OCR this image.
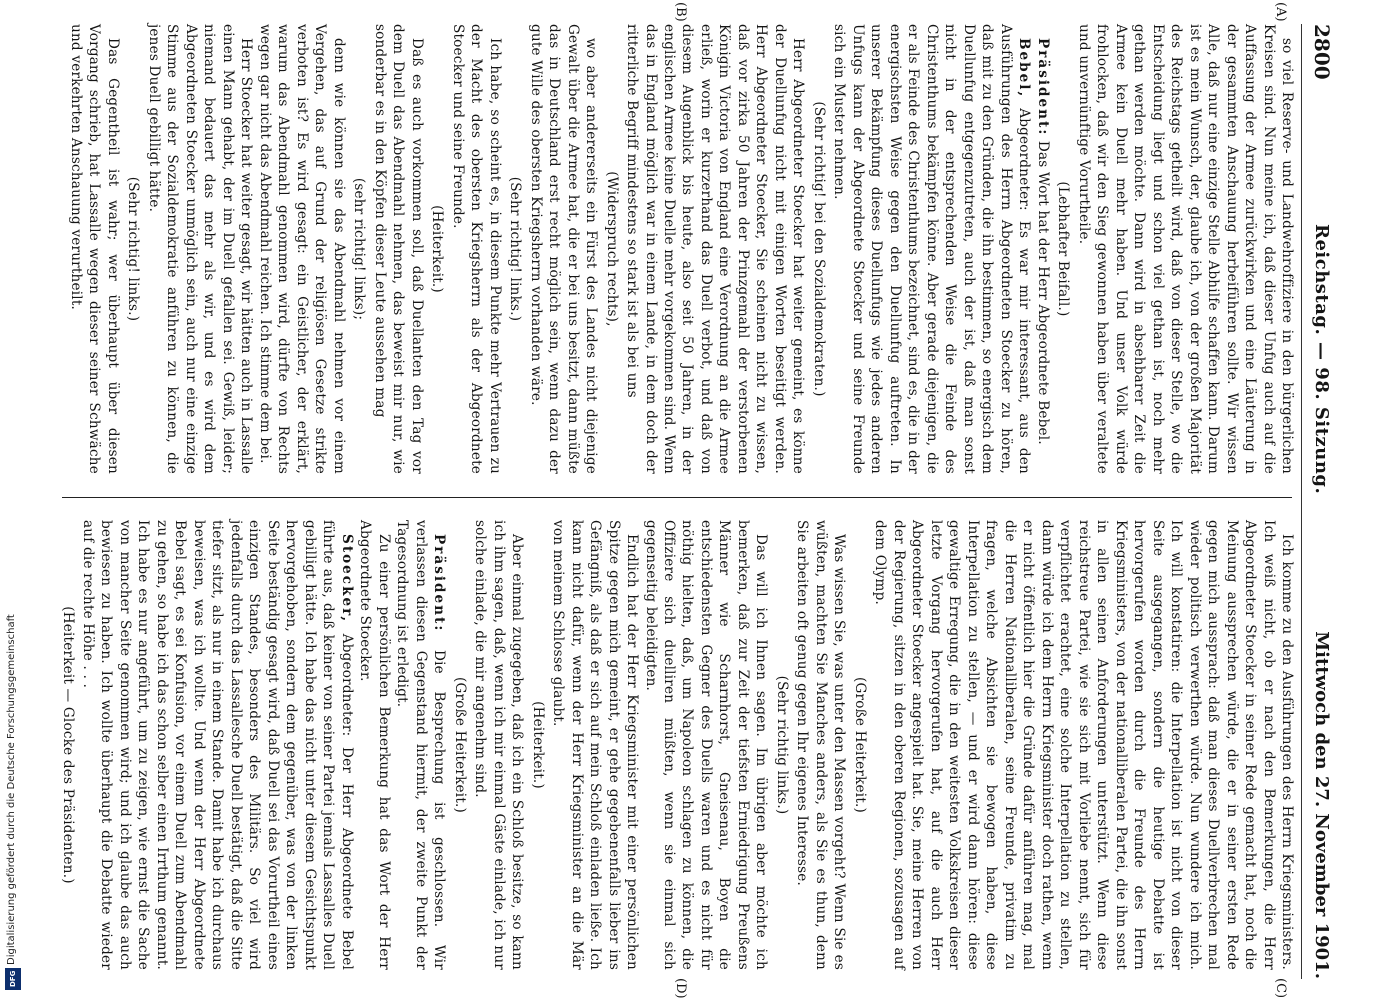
Digitalisierung gefördert durch die Deutsche Forschungsgemeinschaft
DFG
2800
Reichstag. — 98. Sitzung.
Mittwoch den 27. November 1901.
(A)
(B)
(C)
(D)

so viel Reserve- und Landwehroffiziere in den bürgerlichen Kreisen sind. Nun meine ich, daß dieser Unfug auch auf die Auffassung der Armee zurückwirken und eine Läuterung in der gesammten Anschauung herbeiführen sollte. Wir wissen Alle, daß nur eine einzige Stelle Abhilfe schaffen kann. Darum ist es mein Wunsch, der, glaube ich, von der großen Majorität des Reichstags getheilt wird, daß von dieser Stelle, wo die Entscheidung liegt und schon viel gethan ist, noch mehr gethan werden möchte. Dann wird in absehbarer Zeit die Armee kein Duell mehr haben. Und unser Volk würde frohlocken, daß wir den Sieg gewonnen haben über veraltete und unvernünftige Vorurtheile.

(Lebhafter Beifall.)

Präsident: Das Wort hat der Herr Abgeordnete Bebel.

Bebel, Abgeordneter: Es war mir interessant, aus den Ausführungen des Herrn Abgeordneten Stoecker zu hören, daß mit zu den Gründen, die ihn bestimmen, so energisch dem Duellunfug entgegenzutreten, auch der ist, daß man sonst nicht in der entsprechenden Weise die Feinde des Christenthums bekämpfen könne. Aber gerade diejenigen, die er als Feinde des Christenthums bezeichnet, sind es, die in der energischsten Weise gegen den Duellunfug auftreten. In unserer Bekämpfung dieses Duellunfugs wie jedes anderen Unfugs kann der Abgeordnete Stoecker und seine Freunde sich ein Muster nehmen.

(Sehr richtig! bei den Sozialdemokraten.)

Herr Abgeordneter Stoecker hat weiter gemeint, es könne der Duellunfug nicht mit einigen Worten beseitigt werden. Herr Abgeordneter Stoecker, Sie scheinen nicht zu wissen, daß vor zirka 50 Jahren der Prinzgemahl der verstorbenen Königin Victoria von England eine Verordnung an die Armee erließ, worin er kurzerhand das Duell verbot, und daß von diesem Augenblick bis heute, also seit 50 Jahren, in der englischen Armee keine Duelle mehr vorgekommen sind. Wenn das in England möglich war in einem Lande, in dem doch der ritterliche Begriff mindestens so stark ist als bei uns

(Widerspruch rechts),

wo aber andererseits ein Fürst des Landes nicht diejenige Gewalt über die Armee hat, die er bei uns besitzt, dann müßte das in Deutschland erst recht möglich sein, wenn dazu der gute Wille des obersten Kriegsherrn vorhanden wäre.

(Sehr richtig! links.)

Ich habe, so scheint es, in diesem Punkte mehr Vertrauen zu der Macht des obersten Kriegsherrn als der Abgeordnete Stoecker und seine Freunde.

(Heiterkeit.)

Daß es auch vorkommen soll, daß Duellanten den Tag vor dem Duell das Abendmahl nehmen, das beweist mir nur, wie sonderbar es in den Köpfen dieser Leute aussehen mag

(sehr richtig! links);

denn wie können sie das Abendmahl nehmen vor einem Vergehen, das auf Grund der religiösen Gesetze strikte verboten ist? Es wird gesagt: ein Geistlicher, der erklärt, warum das Abendmahl genommen wird, dürfte von Rechts wegen gar nicht das Abendmahl reichen. Ich stimme dem bei.

Herr Stoecker hat weiter gesagt, wir hätten auch in Lassalle einen Mann gehabt, der im Duell gefallen sei. Gewiß, leider; niemand bedauert das mehr als wir, und es wird dem Abgeordneten Stoecker unmöglich sein, auch nur eine einzige Stimme aus der Sozialdemokratie anführen zu können, die jenes Duell gebilligt hätte.

(Sehr richtig! links.)

Das Gegentheil ist wahr; wer überhaupt über diesen Vorgang schrieb, hat Lassalle wegen dieser seiner Schwäche und verkehrten Anschauung verurtheilt.

Ich komme zu den Ausführungen des Herrn Kriegsministers. Ich weiß nicht, ob er nach den Bemerkungen, die Herr Abgeordneter Stoecker in seiner Rede gemacht hat, noch die Meinung aussprechen würde, die er in seiner ersten Rede gegen mich aussprach: daß man dieses Duellverbrechen mal wieder politisch verwerthen würde. Nun wundere ich mich. Ich will konstatiren: die Interpellation ist nicht von dieser Seite ausgegangen, sondern die heutige Debatte ist hervorgerufen worden durch die Freunde des Herrn Kriegsministers, von der nationalliberalen Partei, die ihn sonst in allen seinen Anforderungen unterstützt. Wenn diese reichstreue Partei, wie sie sich mit Vorliebe nennt, sich für verpflichtet erachtet, eine solche Interpellation zu stellen, dann würde ich dem Herrn Kriegsminister doch rathen, wenn er nicht öffentlich hier die Gründe dafür anführen mag, mal die Herren Nationalliberalen, seine Freunde, privatim zu fragen, welche Absichten sie bewogen haben, diese Interpellation zu stellen, — und er wird dann hören: diese gewaltige Erregung, die in den weitesten Volkskreisen dieser letzte Vorgang hervorgerufen hat, auf die auch Herr Abgeordneter Stoecker angespielt hat. Sie, meine Herren von der Regierung, sitzen in den oberen Regionen, sozusagen auf dem Olymp.

(Große Heiterkeit.)

Was wissen Sie, was unter den Massen vorgeht? Wenn Sie es wüßten, machten Sie Manches anders, als Sie es thun, denn Sie arbeiten oft genug gegen Ihr eigenes Interesse.

(Sehr richtig links.)

Das will ich Ihnen sagen. Im übrigen aber möchte ich bemerken, daß zur Zeit der tiefsten Erniedrigung Preußens Männer wie Scharnhorst, Gneisenau, Boyen die entschiedensten Gegner des Duells waren und es nicht für nöthig hielten, daß, um Napoleon schlagen zu können, die Offiziere sich duelliren müßten, wenn sie einmal sich gegenseitig beleidigten.

Endlich hat der Herr Kriegsminister mit einer persönlichen Spitze gegen mich gemeint, er gehe gegebenenfalls lieber ins Gefängniß, als daß er sich auf mein Schloß einladen ließe. Ich kann nicht dafür, wenn der Herr Kriegsminister an die Mär von meinem Schlosse glaubt.

(Heiterkeit.)

Aber einmal zugegeben, daß ich ein Schloß besitze, so kann ich ihm sagen, daß, wenn ich mir einmal Gäste einlade, ich nur solche einlade, die mir angenehm sind.

(Große Heiterkeit.)

Präsident: Die Besprechung ist geschlossen. Wir verlassen diesen Gegenstand hiermit, der zweite Punkt der Tagesordnung ist erledigt.

Zu einer persönlichen Bemerkung hat das Wort der Herr Abgeordnete Stoecker.

Stoecker, Abgeordneter: Der Herr Abgeordnete Bebel führte aus, daß keiner von seiner Partei jemals Lassalles Duell gebilligt hätte. Ich habe das nicht unter diesem Gesichtspunkt hervorgehoben, sondern dem gegenüber, was von der linken Seite beständig gesagt wird, daß Duell sei das Vorurtheil eines einzigen Standes, besonders des Militärs. So viel wird jedenfalls durch das Lassallesche Duell bestätigt, daß die Sitte tiefer sitzt, als nur in einem Stande. Damit habe ich durchaus beweisen, was ich wollte. Und wenn der Herr Abgeordnete Bebel sagt, es sei Konfusion, vor einem Duell zum Abendmahl zu gehen, so habe ich das schon selber einen Irrthum genannt. Ich habe es nur angeführt, um zu zeigen, wie ernst die Sache von mancher Seite genommen wird; und ich glaube das auch bewiesen zu haben. Ich wollte überhaupt die Debatte wieder auf die rechte Höhe . . .

(Heiterkeit — Glocke des Präsidenten.)
